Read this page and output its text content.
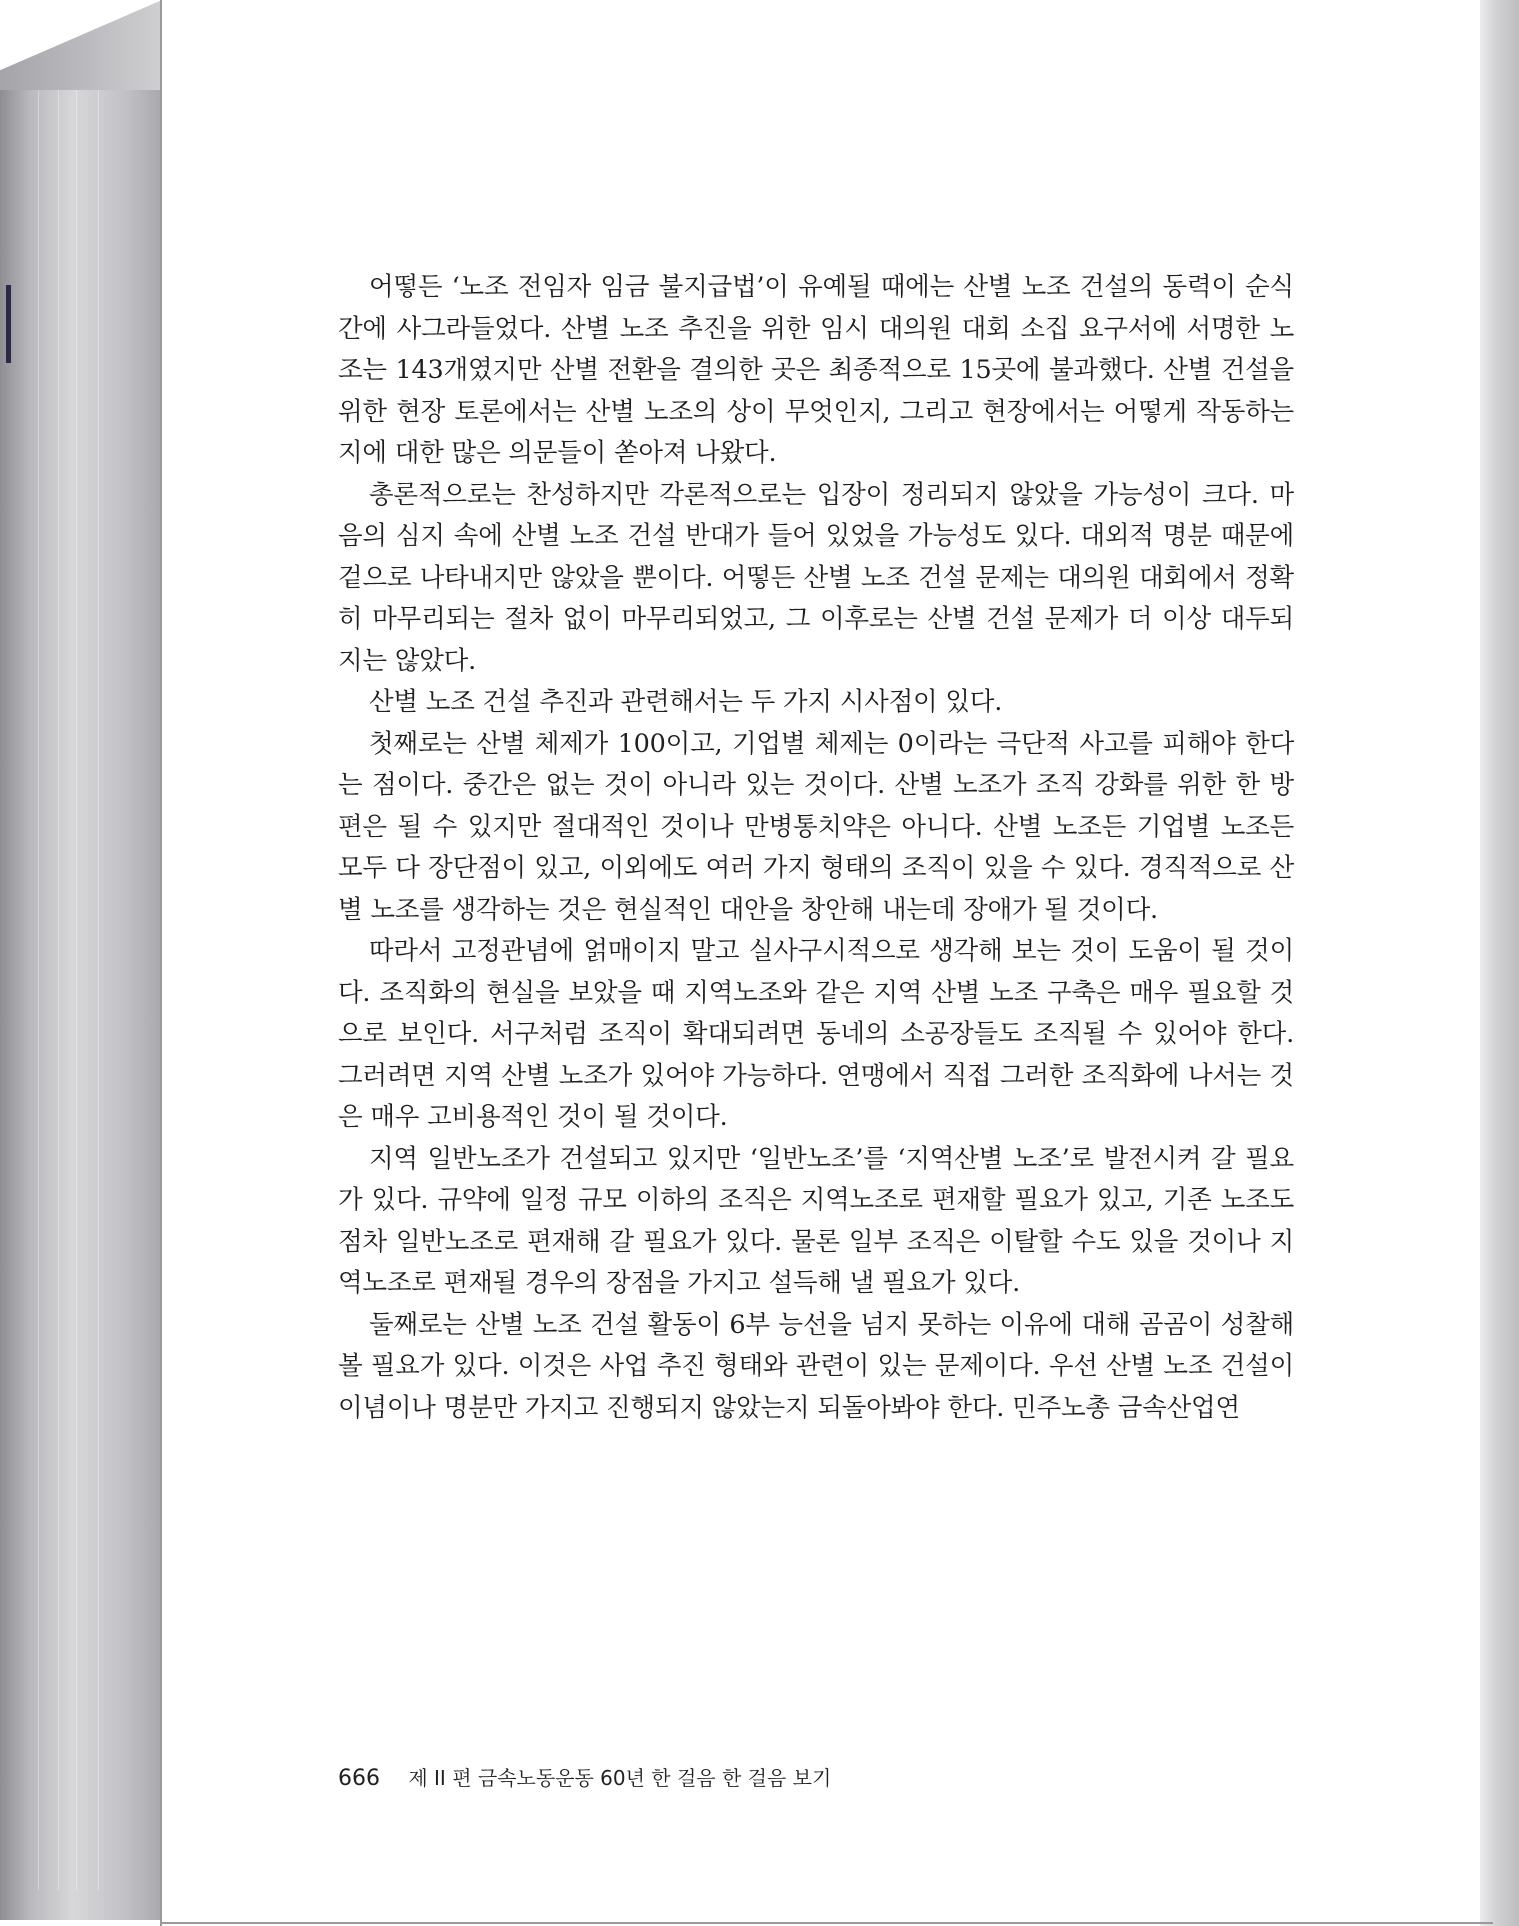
어떻든 ‘노조 전임자 임금 불지급법’이 유예될 때에는 산별 노조 건설의 동력이 순식간에 사그라들었다. 산별 노조 추진을 위한 임시 대의원 대회 소집 요구서에 서명한 노조는 143개였지만 산별 전환을 결의한 곳은 최종적으로 15곳에 불과했다. 산별 건설을 위한 현장 토론에서는 산별 노조의 상이 무엇인지, 그리고 현장에서는 어떻게 작동하는지에 대한 많은 의문들이 쏟아져 나왔다.

총론적으로는 찬성하지만 각론적으로는 입장이 정리되지 않았을 가능성이 크다. 마음의 심지 속에 산별 노조 건설 반대가 들어 있었을 가능성도 있다. 대외적 명분 때문에 겉으로 나타내지만 않았을 뿐이다. 어떻든 산별 노조 건설 문제는 대의원 대회에서 정확히 마무리되는 절차 없이 마무리되었고, 그 이후로는 산별 건설 문제가 더 이상 대두되지는 않았다.

산별 노조 건설 추진과 관련해서는 두 가지 시사점이 있다.

첫째로는 산별 체제가 100이고, 기업별 체제는 0이라는 극단적 사고를 피해야 한다는 점이다. 중간은 없는 것이 아니라 있는 것이다. 산별 노조가 조직 강화를 위한 한 방편은 될 수 있지만 절대적인 것이나 만병통치약은 아니다. 산별 노조든 기업별 노조든 모두 다 장단점이 있고, 이외에도 여러 가지 형태의 조직이 있을 수 있다. 경직적으로 산별 노조를 생각하는 것은 현실적인 대안을 창안해 내는데 장애가 될 것이다.

따라서 고정관념에 얽매이지 말고 실사구시적으로 생각해 보는 것이 도움이 될 것이다. 조직화의 현실을 보았을 때 지역노조와 같은 지역 산별 노조 구축은 매우 필요할 것으로 보인다. 서구처럼 조직이 확대되려면 동네의 소공장들도 조직될 수 있어야 한다. 그러려면 지역 산별 노조가 있어야 가능하다. 연맹에서 직접 그러한 조직화에 나서는 것은 매우 고비용적인 것이 될 것이다.

지역 일반노조가 건설되고 있지만 ‘일반노조’를 ‘지역산별 노조’로 발전시켜 갈 필요가 있다. 규약에 일정 규모 이하의 조직은 지역노조로 편재할 필요가 있고, 기존 노조도 점차 일반노조로 편재해 갈 필요가 있다. 물론 일부 조직은 이탈할 수도 있을 것이나 지역노조로 편재될 경우의 장점을 가지고 설득해 낼 필요가 있다.

둘째로는 산별 노조 건설 활동이 6부 능선을 넘지 못하는 이유에 대해 곰곰이 성찰해 볼 필요가 있다. 이것은 사업 추진 형태와 관련이 있는 문제이다. 우선 산별 노조 건설이 이념이나 명분만 가지고 진행되지 않았는지 되돌아봐야 한다. 민주노총 금속산업연

666 제 II 편 금속노동운동 60년 한 걸음 한 걸음 보기
